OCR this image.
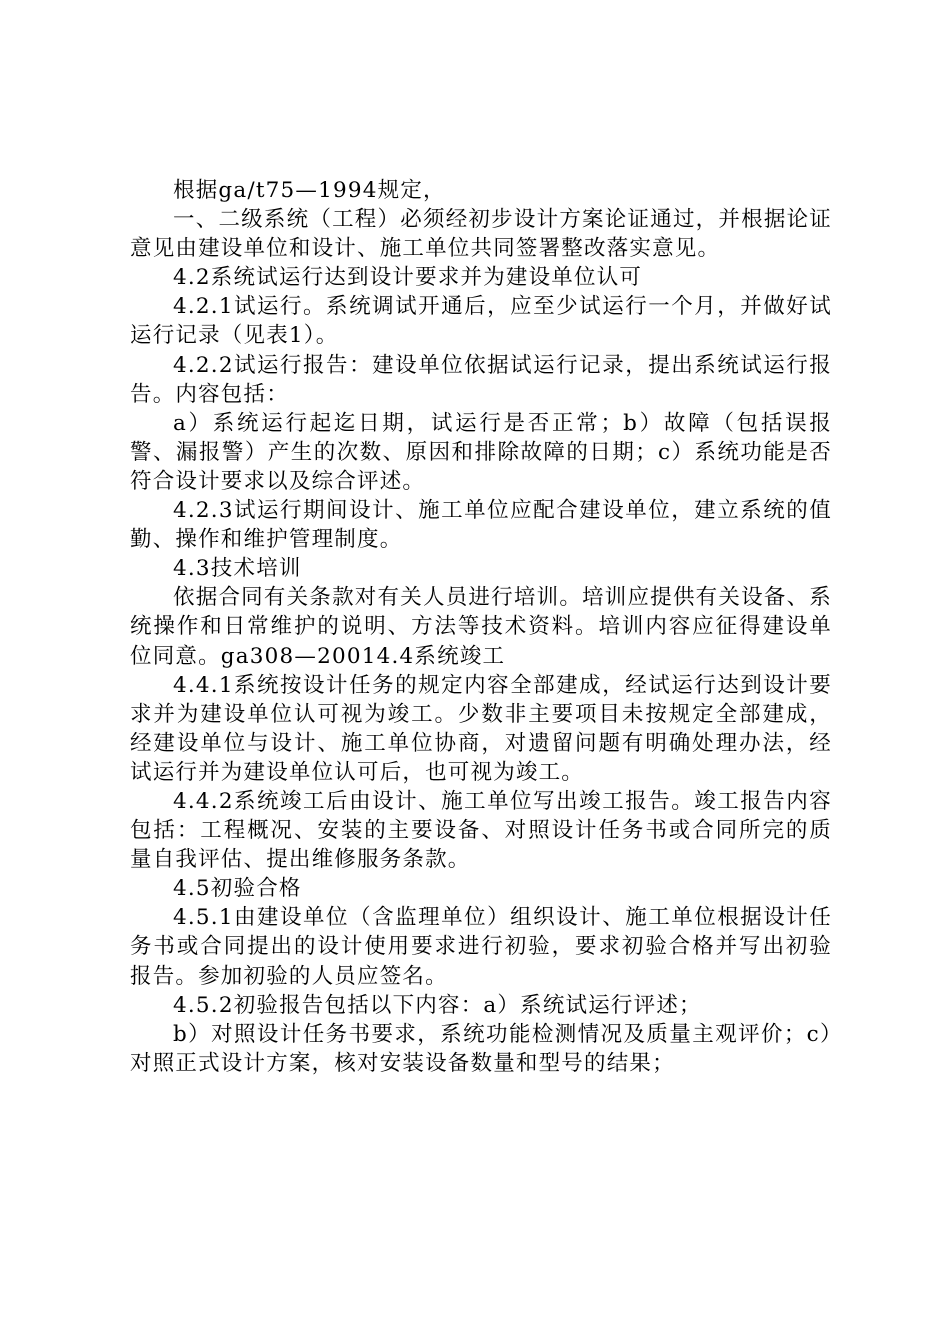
根据ga/t75—1994规定，

一、二级系统（工程）必须经初步设计方案论证通过，并根据论证意见由建设单位和设计、施工单位共同签署整改落实意见。

4.2系统试运行达到设计要求并为建设单位认可

4.2.1试运行。系统调试开通后，应至少试运行一个月，并做好试运行记录（见表1）。

4.2.2试运行报告：建设单位依据试运行记录，提出系统试运行报告。内容包括：

a）系统运行起迄日期，试运行是否正常；b）故障（包括误报警、漏报警）产生的次数、原因和排除故障的日期；c）系统功能是否符合设计要求以及综合评述。

4.2.3试运行期间设计、施工单位应配合建设单位，建立系统的值勤、操作和维护管理制度。

4.3技术培训

依据合同有关条款对有关人员进行培训。培训应提供有关设备、系统操作和日常维护的说明、方法等技术资料。培训内容应征得建设单位同意。ga308—20014.4系统竣工

4.4.1系统按设计任务的规定内容全部建成，经试运行达到设计要求并为建设单位认可视为竣工。少数非主要项目未按规定全部建成，经建设单位与设计、施工单位协商，对遗留问题有明确处理办法，经试运行并为建设单位认可后，也可视为竣工。

4.4.2系统竣工后由设计、施工单位写出竣工报告。竣工报告内容包括：工程概况、安装的主要设备、对照设计任务书或合同所完的质量自我评估、提出维修服务条款。

4.5初验合格

4.5.1由建设单位（含监理单位）组织设计、施工单位根据设计任务书或合同提出的设计使用要求进行初验，要求初验合格并写出初验报告。参加初验的人员应签名。

4.5.2初验报告包括以下内容：a）系统试运行评述；

b）对照设计任务书要求，系统功能检测情况及质量主观评价；c）对照正式设计方案，核对安装设备数量和型号的结果；
